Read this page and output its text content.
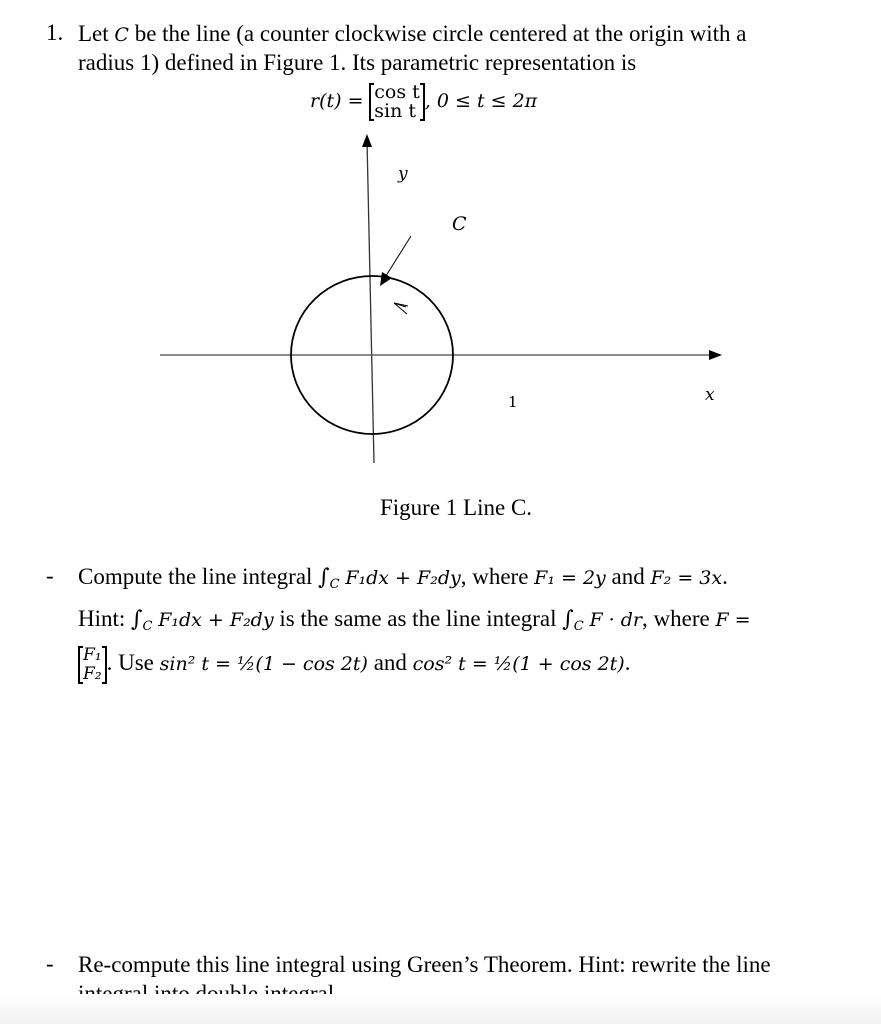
1. Let C be the line (a counter clockwise circle centered at the origin with a
radius 1) defined in Figure 1. Its parametric representation is
r(t) = cos t
sin t , 0 ≤ t ≤ 2π
y
C
1	x
Figure 1 Line C.
- Compute the line integral $\int_C$ F₁dx + F₂dy, where F₁ = 2y and F₂ = 3x.
Hint: $\int_C$ F₁dx + F₂dy is the same as the line integral $\int_C$ F · dr, where F =
F₁
F₂ . Use sin² t = ½(1 − cos 2t) and cos² t = ½(1 + cos 2t).
- Re-compute this line integral using Green’s Theorem. Hint: rewrite the line
